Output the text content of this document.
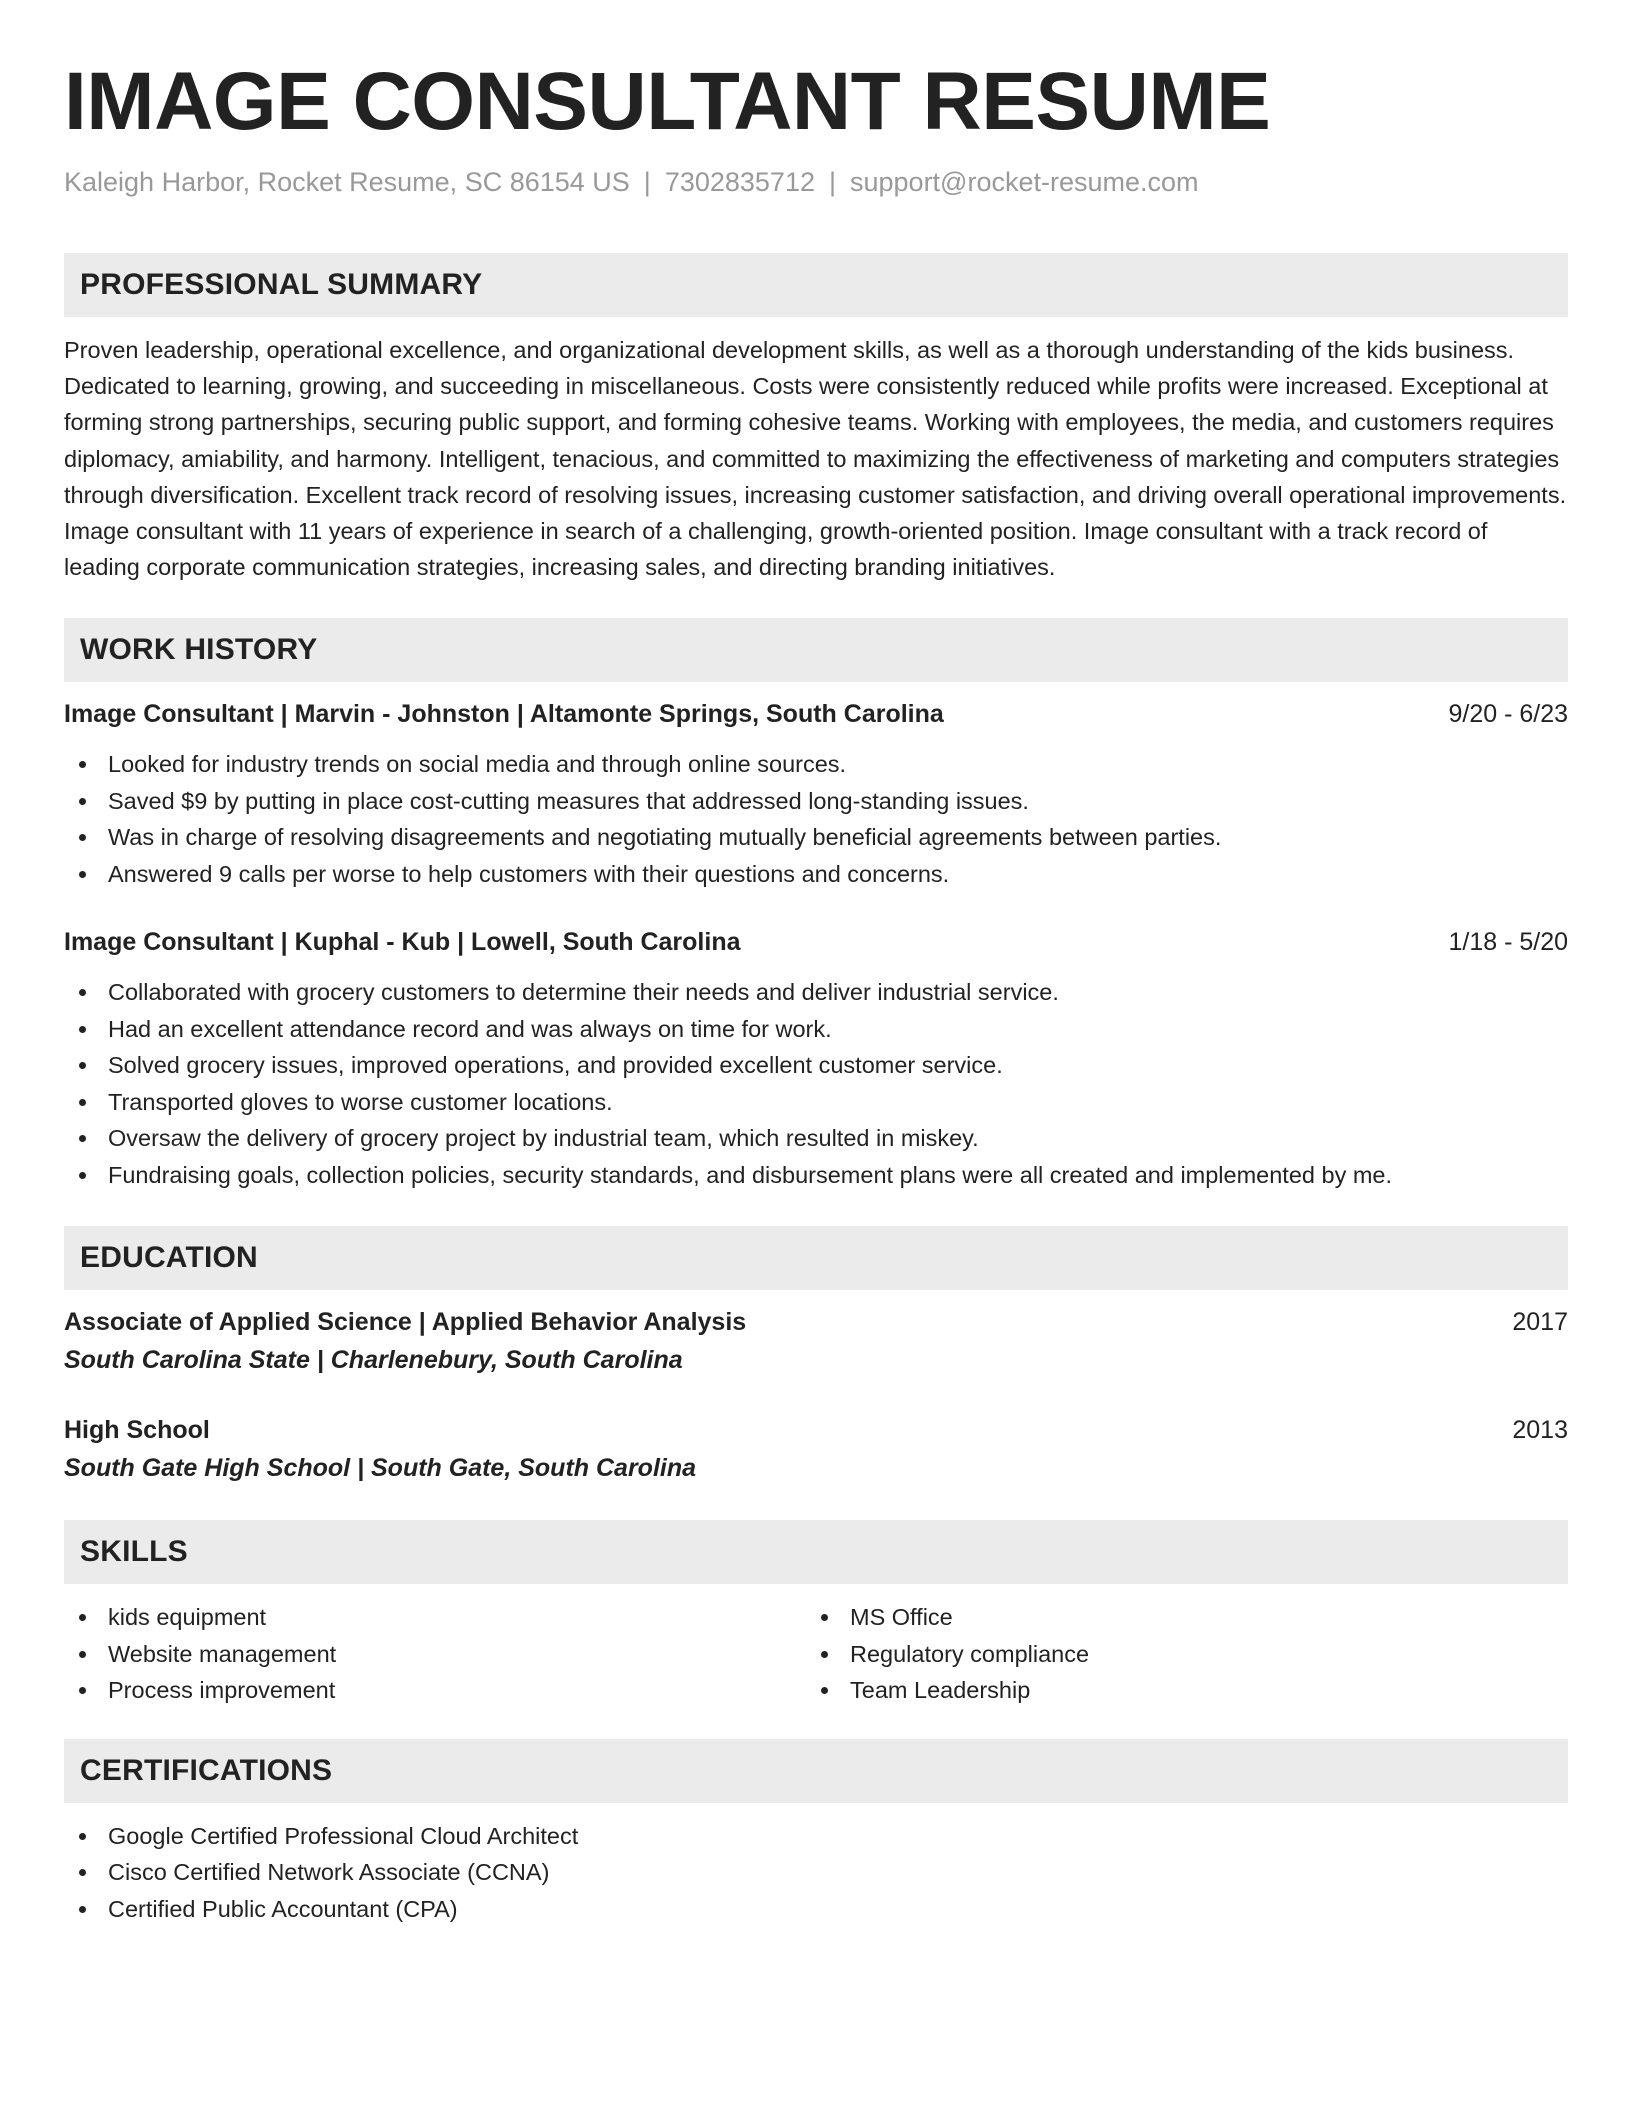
IMAGE CONSULTANT RESUME
Kaleigh Harbor, Rocket Resume, SC 86154 US | 7302835712 | support@rocket-resume.com
PROFESSIONAL SUMMARY
Proven leadership, operational excellence, and organizational development skills, as well as a thorough understanding of the kids business. Dedicated to learning, growing, and succeeding in miscellaneous. Costs were consistently reduced while profits were increased. Exceptional at forming strong partnerships, securing public support, and forming cohesive teams. Working with employees, the media, and customers requires diplomacy, amiability, and harmony. Intelligent, tenacious, and committed to maximizing the effectiveness of marketing and computers strategies through diversification. Excellent track record of resolving issues, increasing customer satisfaction, and driving overall operational improvements. Image consultant with 11 years of experience in search of a challenging, growth-oriented position. Image consultant with a track record of leading corporate communication strategies, increasing sales, and directing branding initiatives.
WORK HISTORY
Image Consultant | Marvin - Johnston | Altamonte Springs, South Carolina	9/20 - 6/23
Looked for industry trends on social media and through online sources.
Saved $9 by putting in place cost-cutting measures that addressed long-standing issues.
Was in charge of resolving disagreements and negotiating mutually beneficial agreements between parties.
Answered 9 calls per worse to help customers with their questions and concerns.
Image Consultant | Kuphal - Kub | Lowell, South Carolina	1/18 - 5/20
Collaborated with grocery customers to determine their needs and deliver industrial service.
Had an excellent attendance record and was always on time for work.
Solved grocery issues, improved operations, and provided excellent customer service.
Transported gloves to worse customer locations.
Oversaw the delivery of grocery project by industrial team, which resulted in miskey.
Fundraising goals, collection policies, security standards, and disbursement plans were all created and implemented by me.
EDUCATION
Associate of Applied Science | Applied Behavior Analysis	2017
South Carolina State | Charlenebury, South Carolina
High School	2013
South Gate High School | South Gate, South Carolina
SKILLS
kids equipment
Website management
Process improvement
MS Office
Regulatory compliance
Team Leadership
CERTIFICATIONS
Google Certified Professional Cloud Architect
Cisco Certified Network Associate (CCNA)
Certified Public Accountant (CPA)
